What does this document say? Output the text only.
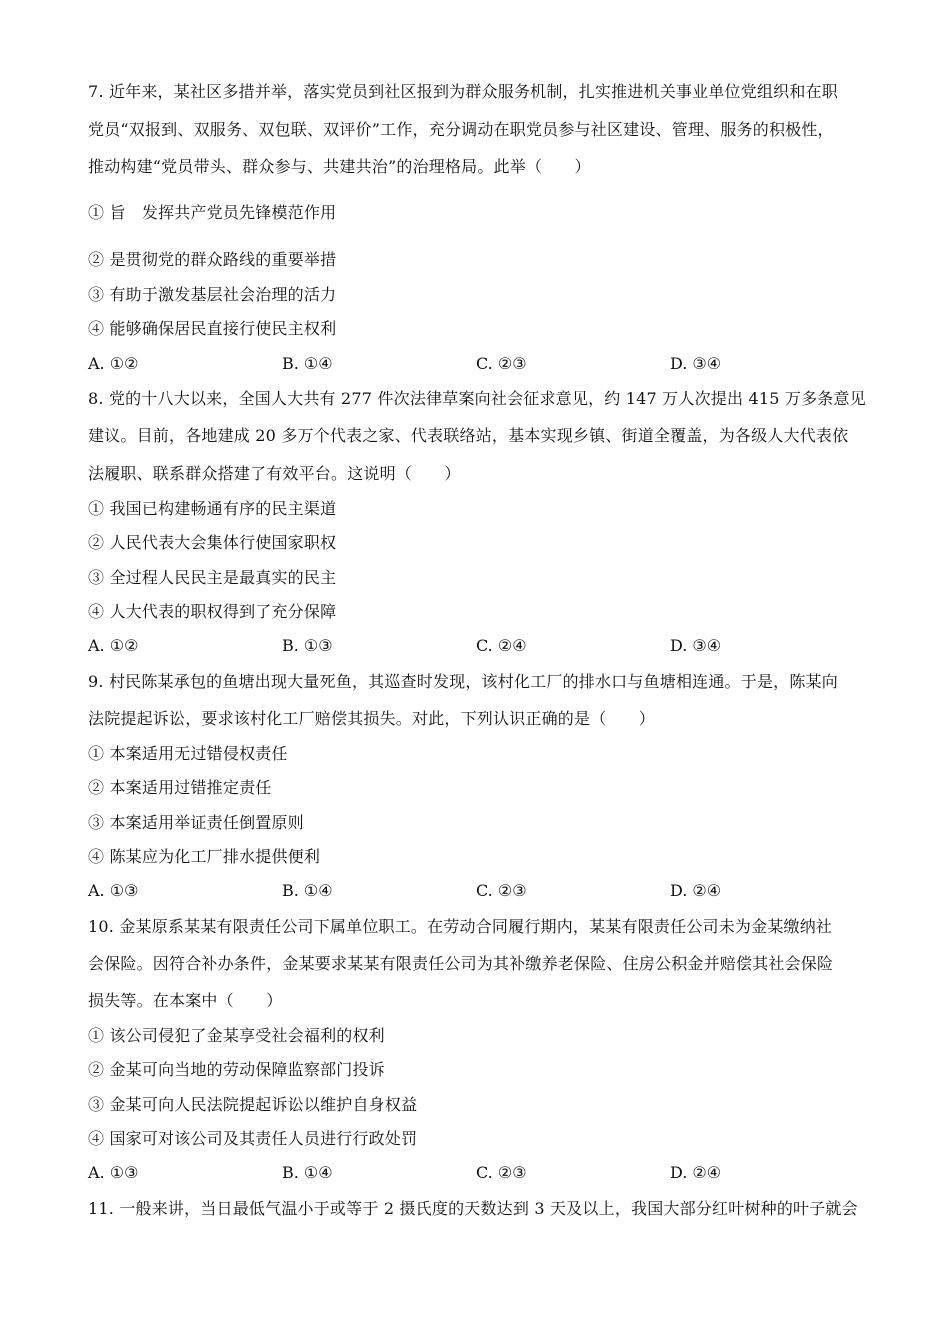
7. 近年来，某社区多措并举，落实党员到社区报到为群众服务机制，扎实推进机关事业单位党组织和在职
党员“双报到、双服务、双包联、双评价”工作，充分调动在职党员参与社区建设、管理、服务的积极性，
推动构建“党员带头、群众参与、共建共治”的治理格局。此举（　　）
① 旨　发挥共产党员先锋模范作用
② 是贯彻党的群众路线的重要举措
③ 有助于激发基层社会治理的活力
④ 能够确保居民直接行使民主权利
A. ①②	B. ①④	C. ②③	D. ③④
8. 党的十八大以来，全国人大共有 277 件次法律草案向社会征求意见，约 147 万人次提出 415 万多条意见
建议。目前，各地建成 20 多万个代表之家、代表联络站，基本实现乡镇、街道全覆盖，为各级人大代表依
法履职、联系群众搭建了有效平台。这说明（　　）
① 我国已构建畅通有序的民主渠道
② 人民代表大会集体行使国家职权
③ 全过程人民民主是最真实的民主
④ 人大代表的职权得到了充分保障
A. ①②	B. ①③	C. ②④	D. ③④
9. 村民陈某承包的鱼塘出现大量死鱼，其巡查时发现，该村化工厂的排水口与鱼塘相连通。于是，陈某向
法院提起诉讼，要求该村化工厂赔偿其损失。对此，下列认识正确的是（　　）
① 本案适用无过错侵权责任
② 本案适用过错推定责任
③ 本案适用举证责任倒置原则
④ 陈某应为化工厂排水提供便利
A. ①③	B. ①④	C. ②③	D. ②④
10. 金某原系某某有限责任公司下属单位职工。在劳动合同履行期内，某某有限责任公司未为金某缴纳社
会保险。因符合补办条件，金某要求某某有限责任公司为其补缴养老保险、住房公积金并赔偿其社会保险
损失等。在本案中（　　）
① 该公司侵犯了金某享受社会福利的权利
② 金某可向当地的劳动保障监察部门投诉
③ 金某可向人民法院提起诉讼以维护自身权益
④ 国家可对该公司及其责任人员进行行政处罚
A. ①③	B. ①④	C. ②③	D. ②④
11. 一般来讲，当日最低气温小于或等于 2 摄氏度的天数达到 3 天及以上，我国大部分红叶树种的叶子就会
